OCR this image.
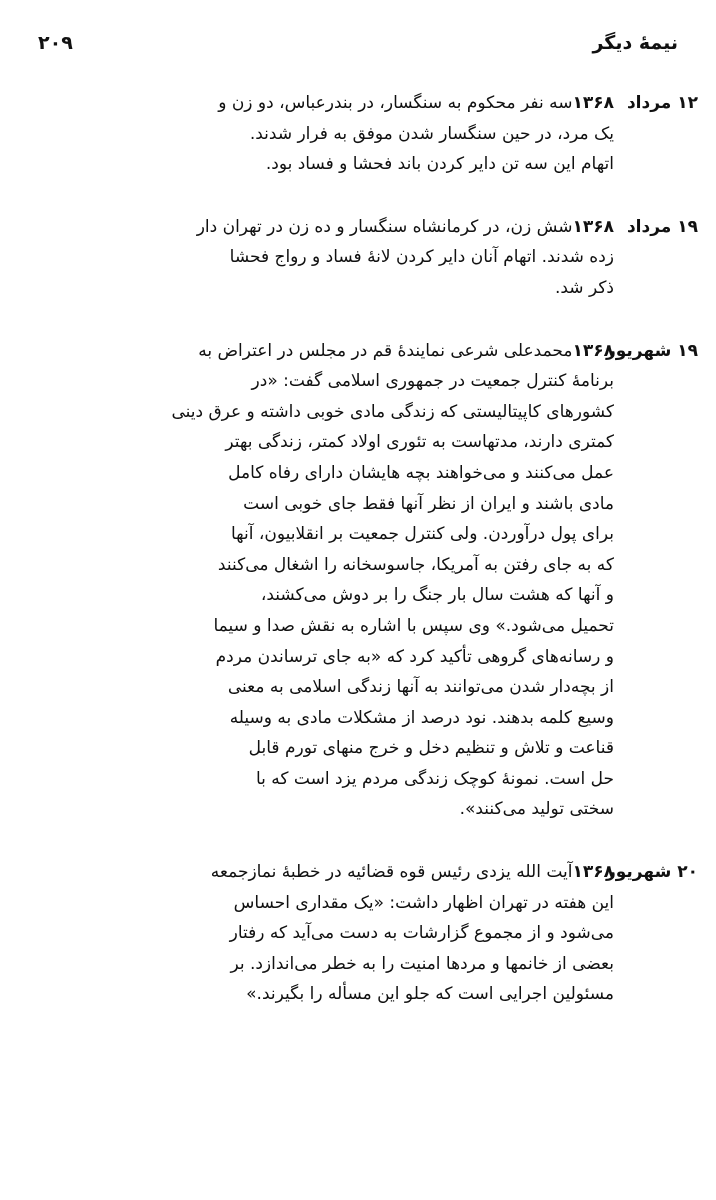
نیمهٔ دیگر
۲۰۹
۱۲ مرداد
۱۳۶۸سه نفر محکوم به سنگسار، در بندرعباس، دو زن و
یک مرد، در حین سنگسار شدن موفق به فرار شدند.
اتهام این سه تن دایر کردن باند فحشا و فساد بود.
۱۹ مرداد
۱۳۶۸شش زن، در کرمانشاه سنگسار و ده زن در تهران دار
زده شدند. اتهام آنان دایر کردن لانهٔ فساد و رواج فحشا
ذکر شد.
۱۹ شهریور
۱۳۶۸محمدعلی شرعی نمایندهٔ قم در مجلس در اعتراض به
برنامهٔ کنترل جمعیت در جمهوری اسلامی گفت: «در
کشورهای کاپیتالیستی که زندگی مادی خوبی داشته و عرق دینی
کمتری دارند، مدتهاست به تئوری اولاد کمتر، زندگی بهتر
عمل می‌کنند و می‌خواهند بچه هایشان دارای رفاه کامل
مادی باشند و ایران از نظر آنها فقط جای خوبی است
برای پول درآوردن. ولی کنترل جمعیت بر انقلابیون، آنها
که به جای رفتن به آمریکا، جاسوسخانه را اشغال می‌کنند
و آنها که هشت سال بار جنگ را بر دوش می‌کشند،
تحمیل می‌شود.» وی سپس با اشاره به نقش صدا و سیما
و رسانه‌های گروهی تأکید کرد که «به جای ترساندن مردم
از بچه‌دار شدن می‌توانند به آنها زندگی اسلامی به معنی
وسیع کلمه بدهند. نود درصد از مشکلات مادی به وسیله
قناعت و تلاش و تنظیم دخل و خرج منهای تورم قابل
حل است. نمونهٔ کوچک زندگی مردم یزد است که با
سختی تولید می‌کنند».
۲۰ شهریور
۱۳۶۸آیت الله یزدی رئیس قوه قضائیه در خطبهٔ نمازجمعه
این هفته در تهران اظهار داشت: «یک مقداری احساس
می‌شود و از مجموع گزارشات به دست می‌آید که رفتار
بعضی از خانمها و مردها امنیت را به خطر می‌اندازد. بر
مسئولین اجرایی است که جلو این مسأله را بگیرند.»
